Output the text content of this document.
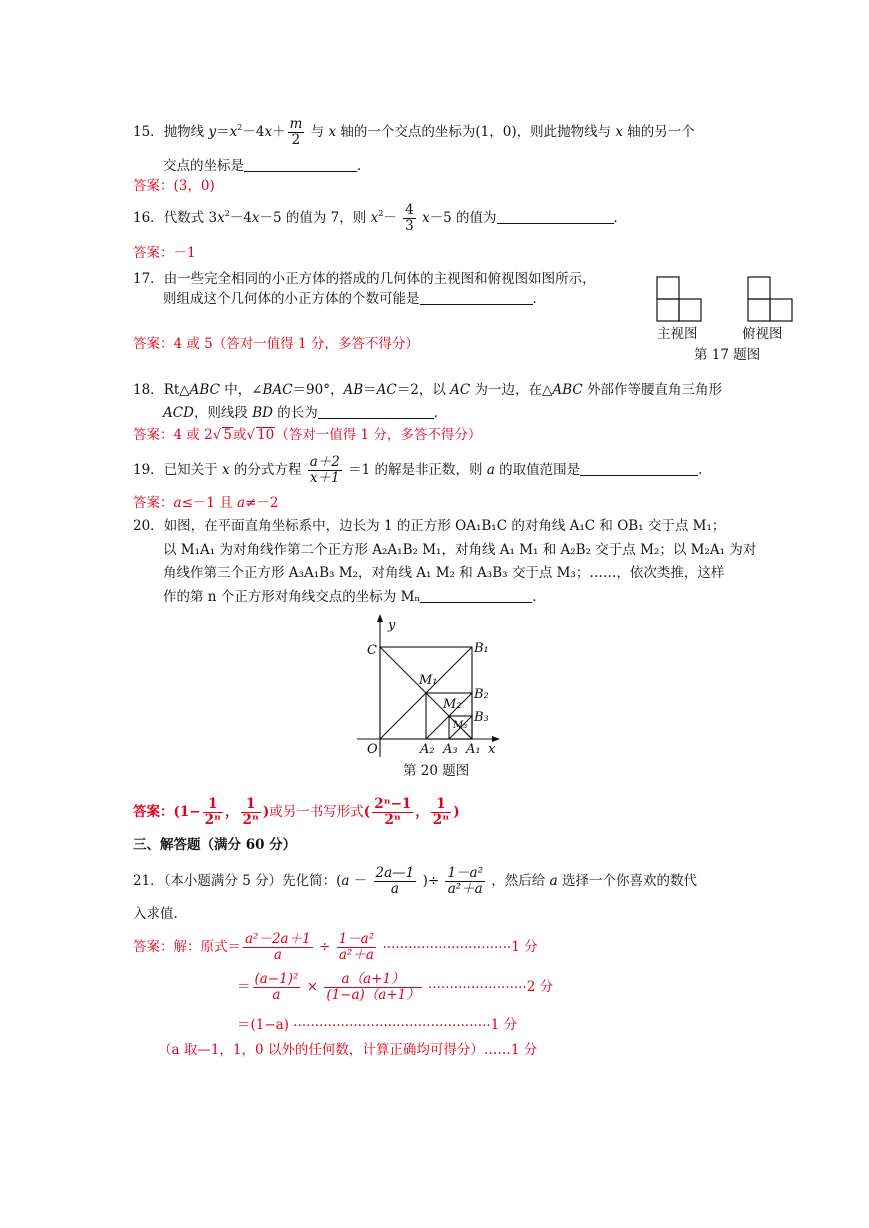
15．抛物线 $y=x^2-4x+ \frac{m}{2}$ 与 x 轴的一个交点的坐标为(1，0)，则此抛物线与 x 轴的另一个
交点的坐标是	．
答案：(3，0)
16．代数式 $3x^2-4x-5$ 的值为 7，则 $x^2- \frac{4}{3} x-5$ 的值为	．
答案：－1
17．由一些完全相同的小正方体的搭成的几何体的主视图和俯视图如图所示，
则组成这个几何体的小正方体的个数可能是	．
答案：4 或 5（答对一值得 1 分，多答不得分）
主视图	俯视图
第 17 题图
18．Rt△ABC 中，∠BAC＝90°，AB＝AC＝2，以 AC 为一边，在△ABC 外部作等腰直角三角形
ACD，则线段 BD 的长为	．
答案：4 或 2√ 5或√ 10（答对一值得 1 分，多答不得分）
19．已知关于 x 的分式方程 $\frac{a+2}{x+1} =1$ 的解是非正数，则 a 的取值范围是	．
答案：a≤－1 且 a≠－2
20．如图，在平面直角坐标系中，边长为 1 的正方形 OA₁B₁C 的对角线 A₁C 和 OB₁ 交于点 M₁；
以 M₁A₁ 为对角线作第二个正方形 A₂A₁B₂ M₁，对角线 A₁ M₁ 和 A₂B₂ 交于点 M₂；以 M₂A₁ 为对
角线作第三个正方形 A₃A₁B₃ M₂，对角线 A₁ M₂ 和 A₃B₃ 交于点 M₃；……，依次类推，这样
作的第 n 个正方形对角线交点的坐标为 Mₙ	．
y
x
C	B₁
M₁
B₂
M₂
B₃
M₃
O	A₂ A₃ A₁
第 20 题图
答案：($1- \frac{1}{\text{2ⁿ}}$ ， $\frac{1}{\text{2ⁿ}}$ )或另一书写形式( $\frac{\text{2ⁿ−1}}{\text{2ⁿ}}$ ， $\frac{1}{\text{2ⁿ}}$ )
三、解答题（满分 60 分）
21．（本小题满分 5 分）先化简：($a - \frac{2a—1}{a}$ )÷ $\frac{\text{1－a²}}{\text{a²＋a}}$ ，然后给 a 选择一个你喜欢的数代
入求值.
答案：解：原式＝ $\frac{\text{a²－2a＋1}}{a} \div \frac{\text{1－a²}}{\text{a²＋a}} \cdot\cdot\cdot\cdot\cdot\cdot\cdot\cdot\cdot\cdot\cdot\cdot\cdot\cdot\cdot\cdot\cdot\cdot\cdot\cdot\cdot\cdot\cdot\cdot\cdot\cdot\cdot\cdot\cdot\cdot 1$ 分
＝ $\frac{\text{(a−1)²}}{a} \times \frac{a(a+1)}{(1-a)(a+1)} \cdot\cdot\cdot\cdot\cdot\cdot\cdot\cdot\cdot\cdot\cdot\cdot\cdot\cdot\cdot\cdot\cdot\cdot\cdot\cdot\cdot\cdot\cdot 2$ 分
＝(1−a) ··············································1 分
（a 取—1，1，0 以外的任何数，计算正确均可得分）……1 分
